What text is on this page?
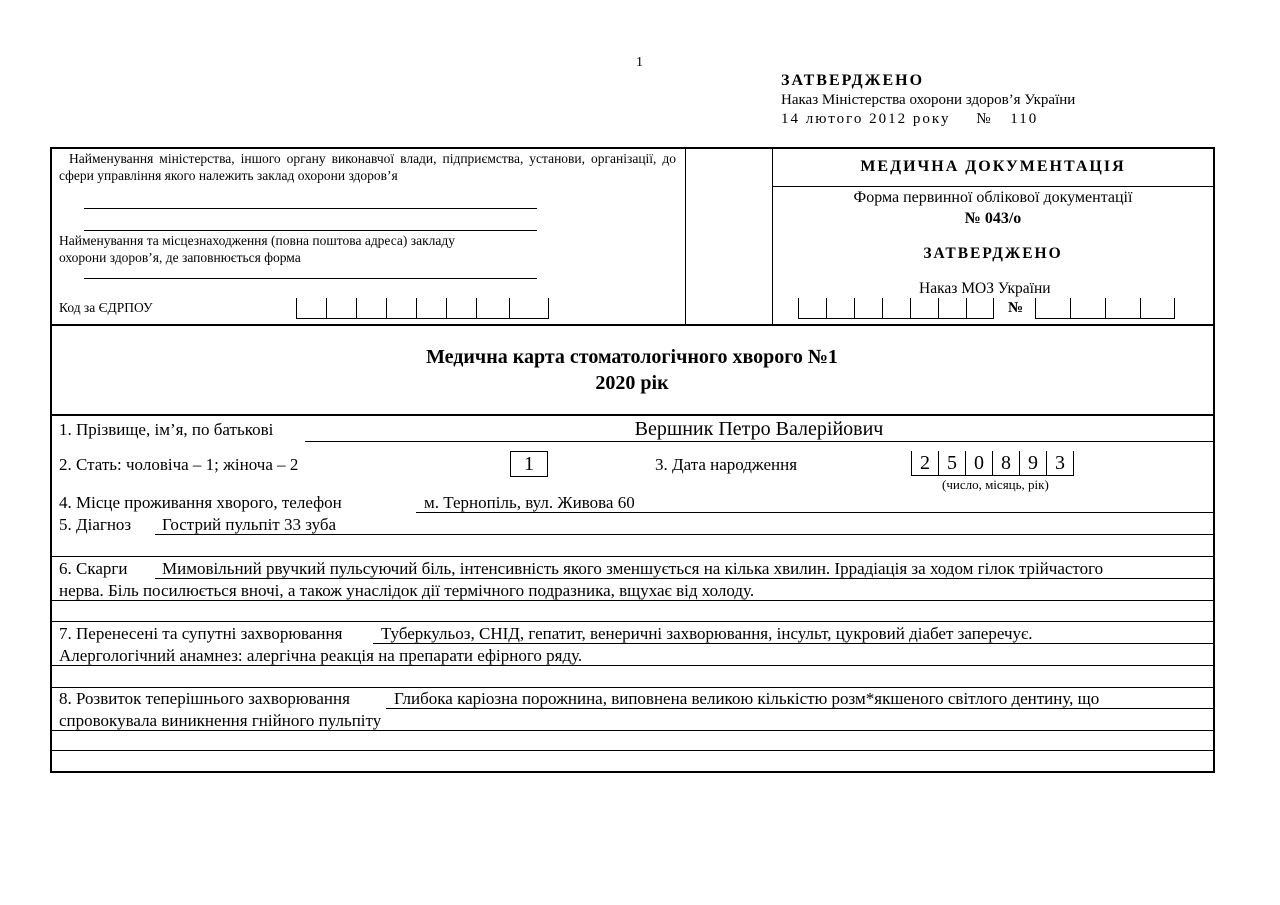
1
ЗАТВЕРДЖЕНО
Наказ Міністерства охорони здоров’я України
14 лютого 2012 року № 110
Найменування міністерства, іншого органу виконавчої влади, підприємства, установи, організації, до сфери управління якого належить заклад охорони здоров’я
Найменування та місцезнаходження (повна поштова адреса) закладу
охорони здоров’я, де заповнюється форма
Код за ЄДРПОУ
МЕДИЧНА ДОКУМЕНТАЦІЯ
Форма первинної облікової документації
№ 043/о
ЗАТВЕРДЖЕНО
Наказ МОЗ України
№
Медична карта стоматологічного хворого №1
2020 рік
1. Прізвище, ім’я, по батькові	Вершник Петро Валерійович
2. Стать: чоловіча – 1; жіноча – 2	1	3. Дата народження	2 5 0 8 9 3
(число, місяць, рік)
4. Місце проживання хворого, телефон	м. Тернопіль, вул. Живова 60
5. Діагноз Гострий пульпіт 33 зуба
6. Скарги Мимовільний рвучкий пульсуючий біль, інтенсивність якого зменшується на кілька хвилин. Іррадіація за ходом гілок трійчастого
нерва. Біль посилюється вночі, а також унаслідок дії термічного подразника, вщухає від холоду.
7. Перенесені та супутні захворювання Туберкульоз, СНІД, гепатит, венеричні захворювання, інсульт, цукровий діабет заперечує.
Алергологічний анамнез: алергічна реакція на препарати ефірного ряду.
8. Розвиток теперішнього захворювання	Глибока каріозна порожнина, виповнена великою кількістю розм*якшеного світлого дентину, що
спровокувала виникнення гнійного пульпіту
